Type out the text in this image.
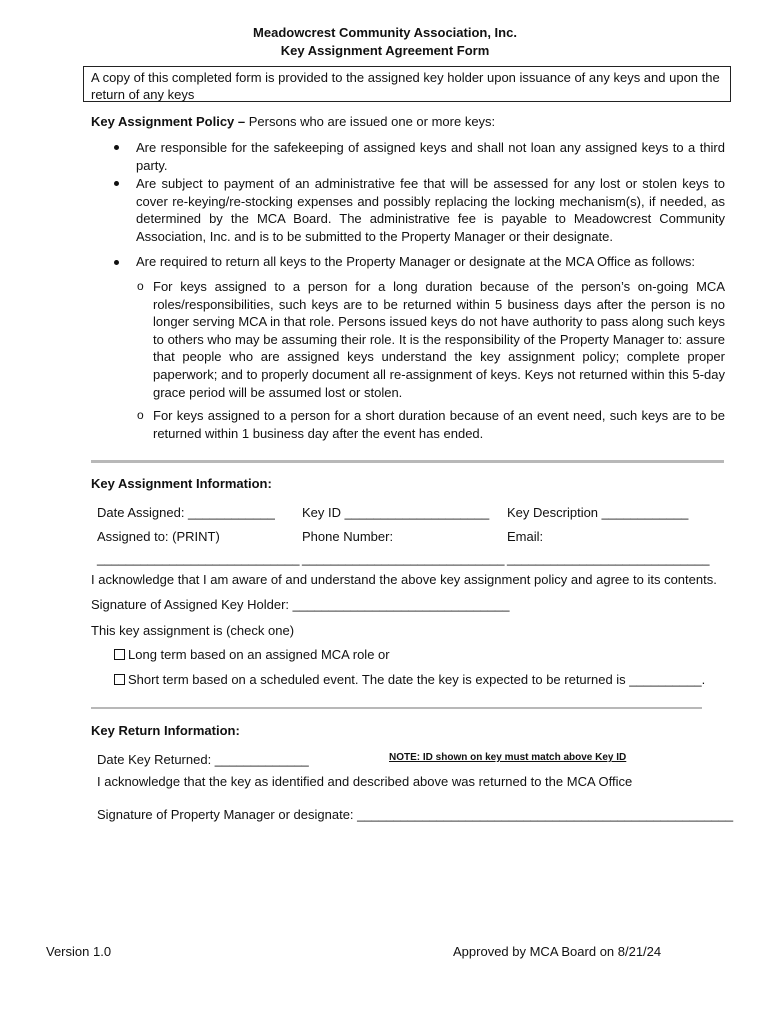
Meadowcrest Community Association, Inc.
Key Assignment Agreement Form
A copy of this completed form is provided to the assigned key holder upon issuance of any keys and upon the return of any keys
Key Assignment Policy – Persons who are issued one or more keys:
Are responsible for the safekeeping of assigned keys and shall not loan any assigned keys to a third party.
Are subject to payment of an administrative fee that will be assessed for any lost or stolen keys to cover re-keying/re-stocking expenses and possibly replacing the locking mechanism(s), if needed, as determined by the MCA Board. The administrative fee is payable to Meadowcrest Community Association, Inc. and is to be submitted to the Property Manager or their designate.
Are required to return all keys to the Property Manager or designate at the MCA Office as follows:
o For keys assigned to a person for a long duration because of the person’s on-going MCA roles/responsibilities, such keys are to be returned within 5 business days after the person is no longer serving MCA in that role. Persons issued keys do not have authority to pass along such keys to others who may be assuming their role. It is the responsibility of the Property Manager to: assure that people who are assigned keys understand the key assignment policy; complete proper paperwork; and to properly document all re-assignment of keys. Keys not returned within this 5-day grace period will be assumed lost or stolen.
o For keys assigned to a person for a short duration because of an event need, such keys are to be returned within 1 business day after the event has ended.
Key Assignment Information:
Date Assigned: ____________ Key ID ____________________ Key Description ____________
Assigned to: (PRINT)	Phone Number:	Email:
____________________________ ____________________________ ____________________________
I acknowledge that I am aware of and understand the above key assignment policy and agree to its contents.
Signature of Assigned Key Holder: ______________________________
This key assignment is (check one)
Long term based on an assigned MCA role or
Short term based on a scheduled event. The date the key is expected to be returned is __________.
Key Return Information:
Date Key Returned: _____________	NOTE: ID shown on key must match above Key ID
I acknowledge that the key as identified and described above was returned to the MCA Office
Signature of Property Manager or designate: ____________________________________________________
Version 1.0	Approved by MCA Board on 8/21/24
